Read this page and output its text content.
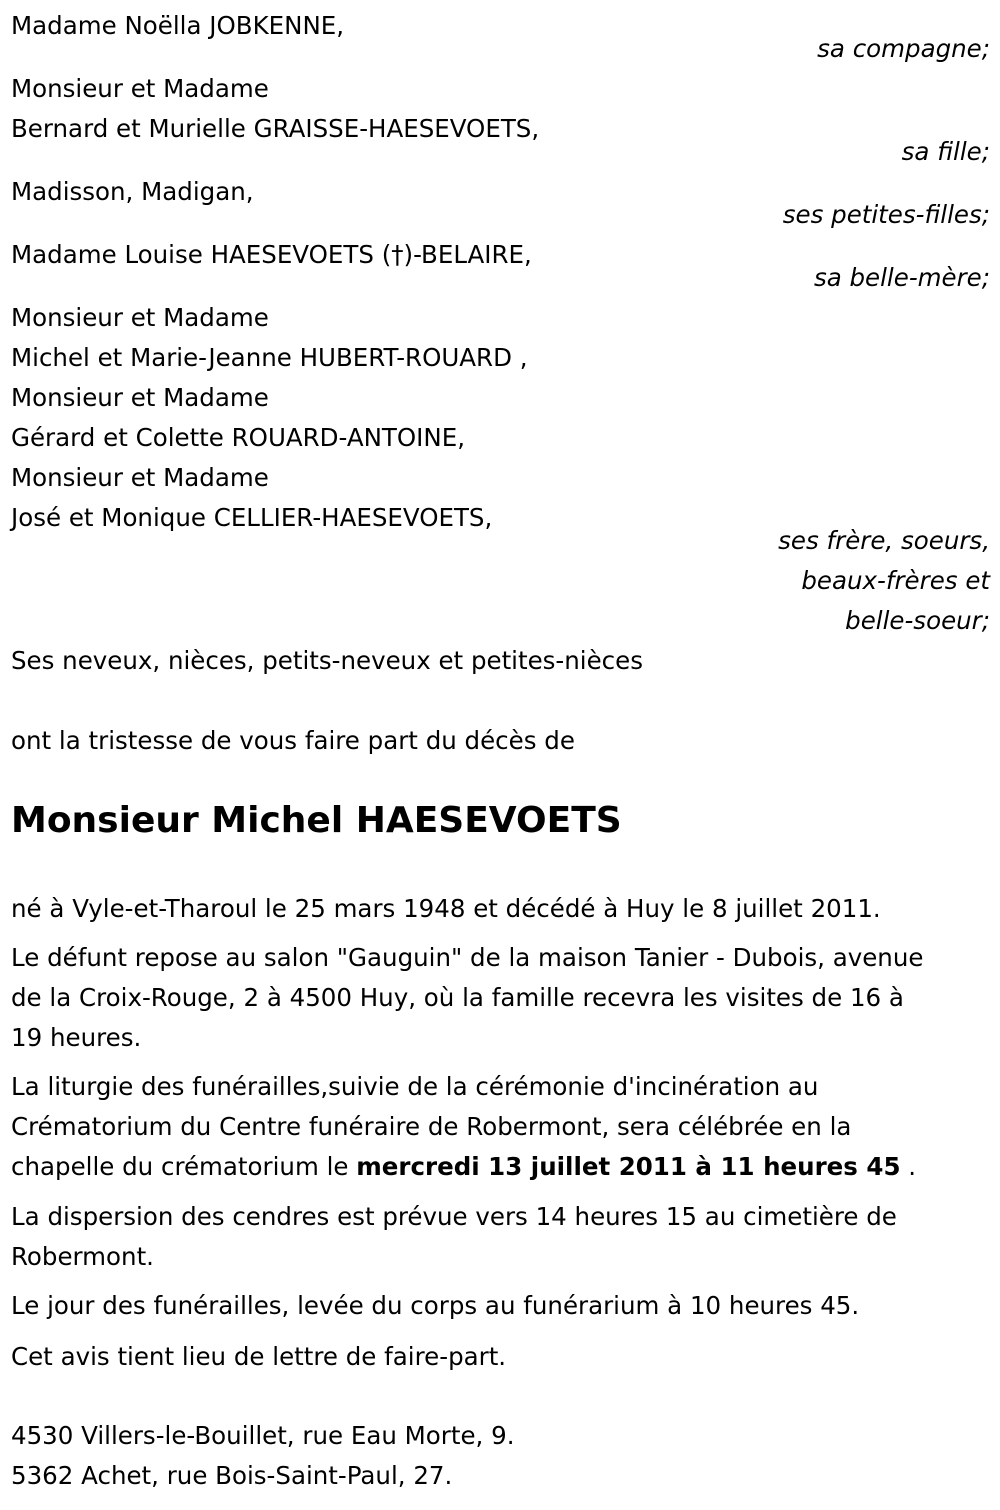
Madame Noëlla JOBKENNE,
sa compagne;
Monsieur et Madame
Bernard et Murielle GRAISSE-HAESEVOETS,
sa fille;
Madisson, Madigan,
ses petites-filles;
Madame Louise HAESEVOETS (†)-BELAIRE,
sa belle-mère;
Monsieur et Madame
Michel et Marie-Jeanne HUBERT-ROUARD ,
Monsieur et Madame
Gérard et Colette ROUARD-ANTOINE,
Monsieur et Madame
José et Monique CELLIER-HAESEVOETS,
ses frère, soeurs,
beaux-frères et
belle-soeur;
Ses neveux, nièces, petits-neveux et petites-nièces
ont la tristesse de vous faire part du décès de
Monsieur Michel HAESEVOETS
né à Vyle-et-Tharoul le 25 mars 1948 et décédé à Huy le 8 juillet 2011.
Le défunt repose au salon "Gauguin" de la maison Tanier - Dubois, avenue
de la Croix-Rouge, 2 à 4500 Huy, où la famille recevra les visites de 16 à
19 heures.
La liturgie des funérailles,suivie de la cérémonie d'incinération au
Crématorium du Centre funéraire de Robermont, sera célébrée en la
chapelle du crématorium le mercredi 13 juillet 2011 à 11 heures 45 .
La dispersion des cendres est prévue vers 14 heures 15 au cimetière de
Robermont.
Le jour des funérailles, levée du corps au funérarium à 10 heures 45.
Cet avis tient lieu de lettre de faire-part.
4530 Villers-le-Bouillet, rue Eau Morte, 9.
5362 Achet, rue Bois-Saint-Paul, 27.
